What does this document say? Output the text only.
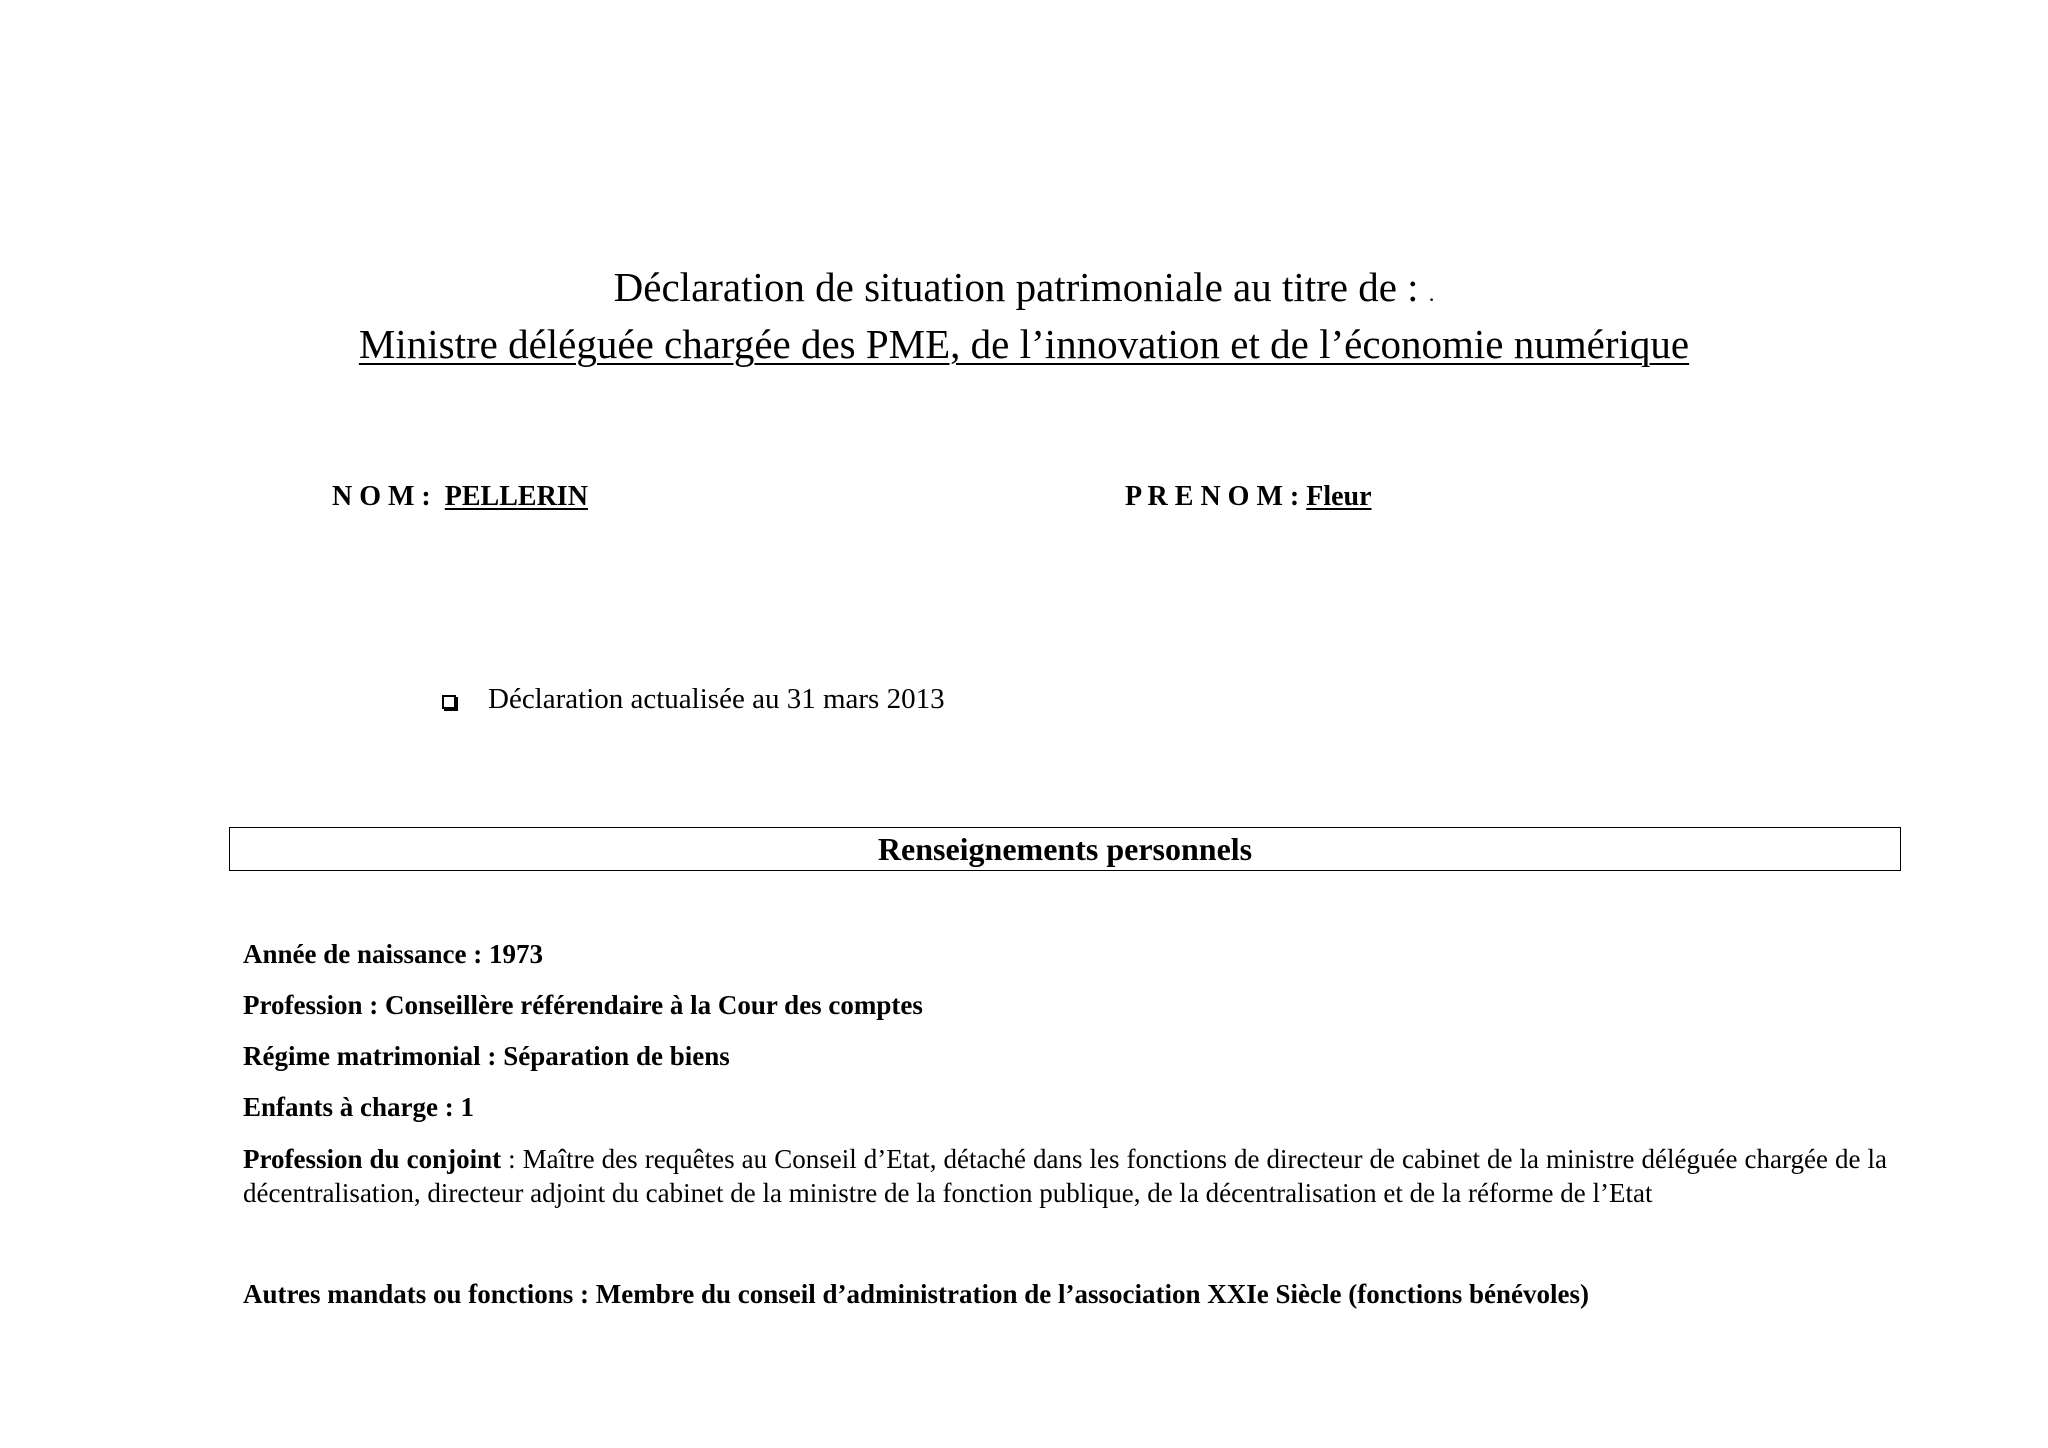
Déclaration de situation patrimoniale au titre de : .
Ministre déléguée chargée des PME, de l’innovation et de l’économie numérique
N O M : PELLERIN	P R E N O M : Fleur
Déclaration actualisée au 31 mars 2013
Renseignements personnels
Année de naissance : 1973
Profession : Conseillère référendaire à la Cour des comptes
Régime matrimonial : Séparation de biens
Enfants à charge : 1
Profession du conjoint : Maître des requêtes au Conseil d’Etat, détaché dans les fonctions de directeur de cabinet de la ministre déléguée chargée de la décentralisation, directeur adjoint du cabinet de la ministre de la fonction publique, de la décentralisation et de la réforme de l’Etat
Autres mandats ou fonctions : Membre du conseil d’administration de l’association XXIe Siècle (fonctions bénévoles)
